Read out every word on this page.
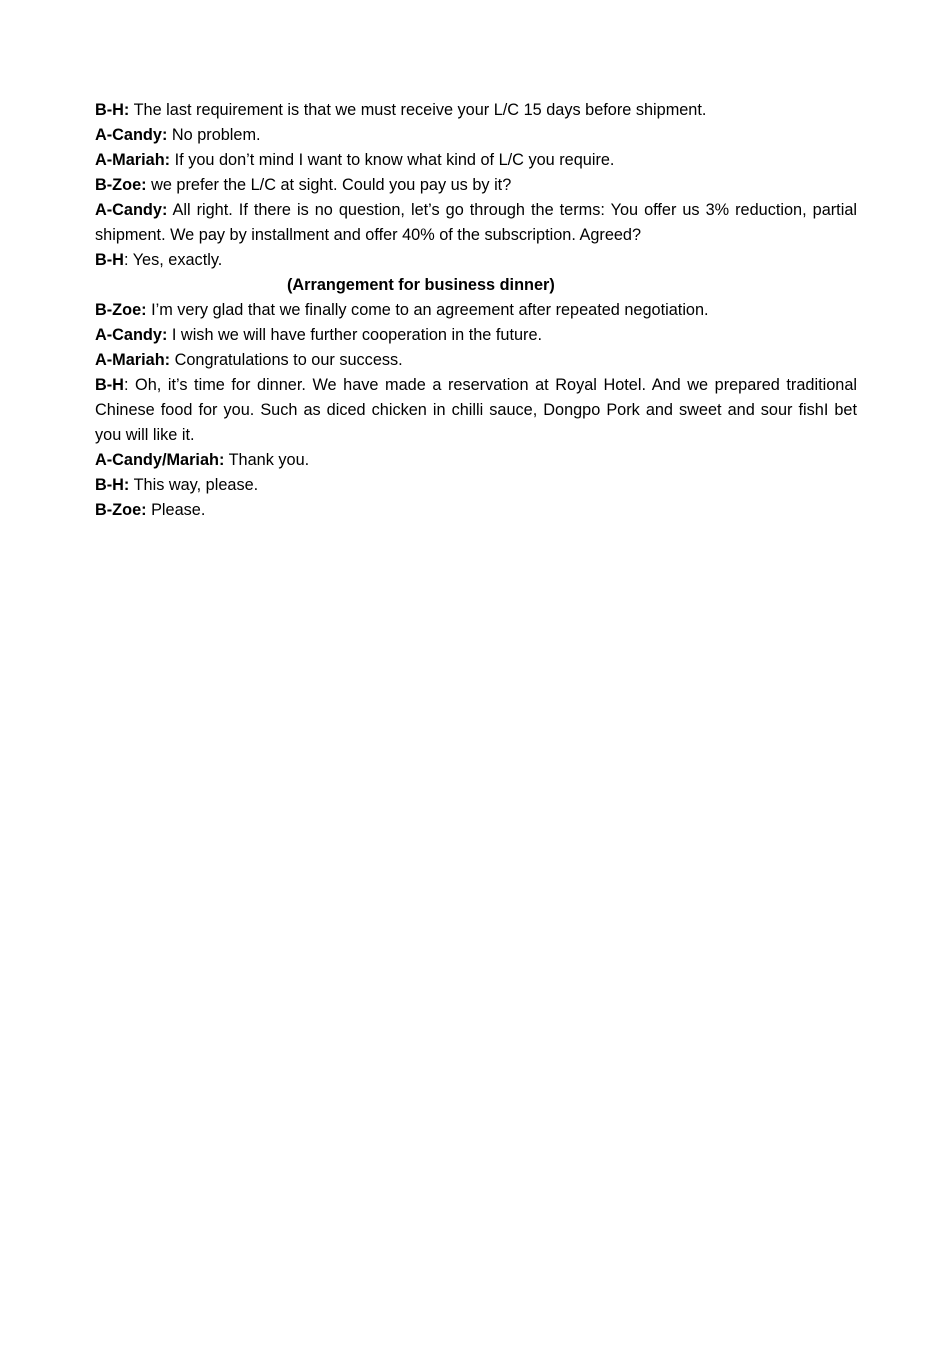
B-H: The last requirement is that we must receive your L/C 15 days before shipment.

A-Candy: No problem.

A-Mariah: If you don’t mind I want to know what kind of L/C you require.

B-Zoe: we prefer the L/C at sight. Could you pay us by it?

A-Candy: All right. If there is no question, let’s go through the terms: You offer us 3% reduction, partial shipment. We pay by installment and offer 40% of the subscription. Agreed?

B-H: Yes, exactly.

(Arrangement for business dinner)

B-Zoe: I’m very glad that we finally come to an agreement after repeated negotiation.

A-Candy: I wish we will have further cooperation in the future.

A-Mariah: Congratulations to our success.

B-H: Oh, it’s time for dinner. We have made a reservation at Royal Hotel. And we prepared traditional Chinese food for you. Such as diced chicken in chilli sauce, Dongpo Pork and sweet and sour fishI bet you will like it.

A-Candy/Mariah: Thank you.

B-H: This way, please.

B-Zoe: Please.
